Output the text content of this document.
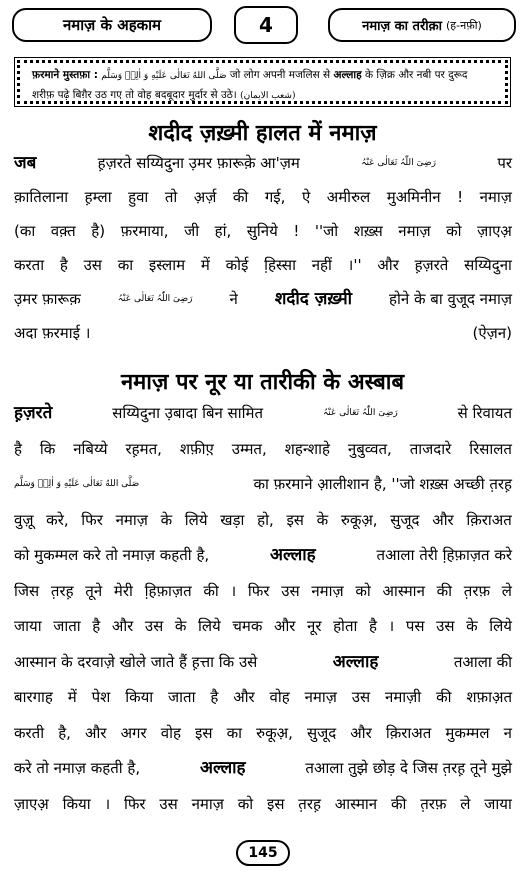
नमाज़ के अहकाम	4	नमाज़ का तरीक़ा (ह-नफ़ी)
फ़रमाने मुस्तफ़ा : صَلَّى اللهُ تَعَالٰى عَلَيْهِ وَ اٰلِهٖ وَسَلَّم जो लोग अपनी मजलिस से अल्लाह के ज़िक्र और नबी पर दुरूद
शरीफ़ पढ़े बिग़ैर उठ गए तो वोह बदबूदार मुर्दार से उठे। (شعب الایمان)
शदीद ज़ख़्मी हालत में नमाज़
जब	ह़ज़रते सय्यिदुना उ़मर फ़ारूक़े आ'ज़म	رَضِیَ اللّٰہُ تَعَالٰی عَنْہُ	पर
क़ातिलाना ह़म्ला हुवा तो अ़र्ज़ की गई, ऐ अमीरुल मुअमिनीन ! नमाज़
(का वक़्त है) फ़रमाया, जी हां, सुनिये ! ''जो शख़्स नमाज़ को ज़ाएअ़
करता है उस का इस्लाम में कोई हि़स्सा नहीं ।'' और ह़ज़रते सय्यिदुना
उ़मर फ़ारूक़	رَضِیَ اللّٰہُ تَعَالٰی عَنْہُ ने शदीद ज़ख़्मी होने के बा वुजूद नमाज़
अदा फ़रमाई ।	(ऐज़न)
नमाज़ पर नूर या तारीकी के अस्बाब
ह़ज़रते	सय्यिदुना उ़बादा बिन सामित	رَضِیَ اللّٰہُ تَعَالٰی عَنْہُ	से रिवायत
है कि नबिय्ये रह़मत, शफ़ीए़ उम्मत, शहन्शाहे नुबुव्वत, ताजदारे रिसालत
صَلَّى اللهُ تَعَالٰى عَلَيْهِ وَ اٰلِهٖ وَسَلَّم	का फ़रमाने आ़लीशान है, ''जो शख़्स अच्छी त़रह़
वुज़ू करे, फिर नमाज़ के लिये खड़ा हो, इस के रुकूअ़, सुजूद और क़िराअत
को मुकम्मल करे तो नमाज़ कहती है,	अल्लाह	तआला तेरी हि़फ़ाज़त करे
जिस त़रह़ तूने मेरी हि़फ़ाज़त की । फिर उस नमाज़ को आस्मान की त़रफ़ ले
जाया जाता है और उस के लिये चमक और नूर होता है । पस उस के लिये
आस्मान के दरवाज़े खोले जाते हैं ह़त्ता कि उसे	अल्लाह	तआला की
बारगाह में पेश किया जाता है और वोह नमाज़ उस नमाज़ी की शफ़ाअ़त
करती है, और अगर वोह इस का रुकूअ़, सुजूद और क़िराअत मुकम्मल न
करे तो नमाज़ कहती है,	अल्लाह	तआला तुझे छोड़ दे जिस त़रह़ तूने मुझे
ज़ाएअ़ किया । फिर उस नमाज़ को इस त़रह़ आस्मान की त़रफ़ ले जाया
145
